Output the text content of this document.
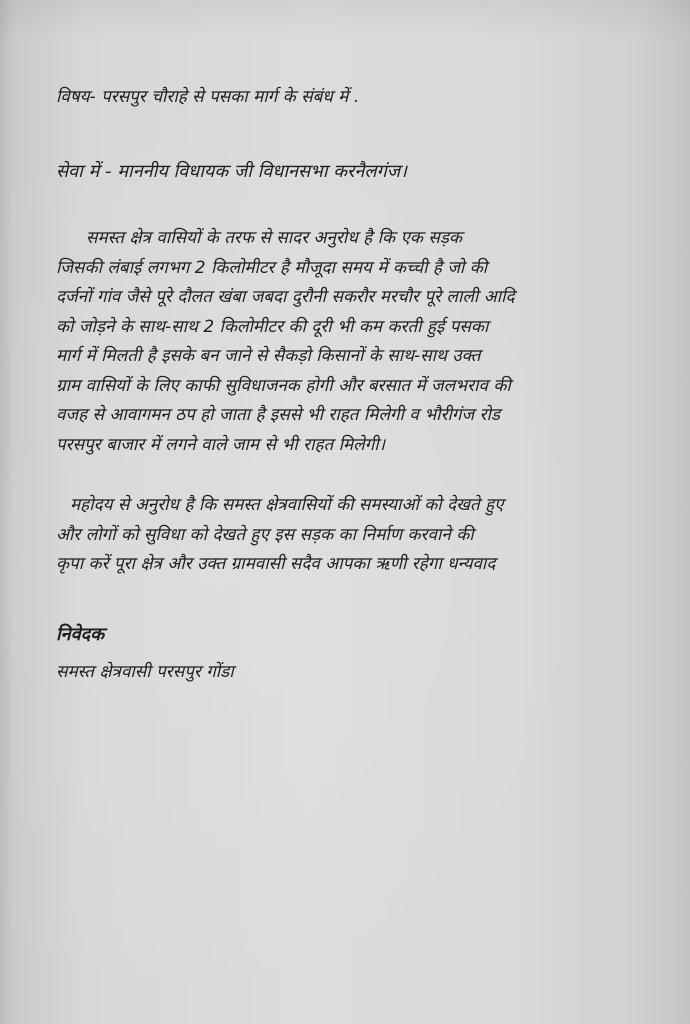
विषय- परसपुर चौराहे से पसका मार्ग के संबंध में .
सेवा में - माननीय विधायक जी विधानसभा करनैलगंज।
समस्त क्षेत्र वासियों के तरफ से सादर अनुरोध है कि एक सड़क
जिसकी लंबाई लगभग 2 किलोमीटर है मौजूदा समय में कच्ची है जो की
दर्जनों गांव जैसे पूरे दौलत खंबा जबदा दुरौनी सकरौर मरचौर पूरे लाली आदि
को जोड़ने के साथ-साथ 2 किलोमीटर की दूरी भी कम करती हुई पसका
मार्ग में मिलती है इसके बन जाने से सैकड़ो किसानों के साथ-साथ उक्त
ग्राम वासियों के लिए काफी सुविधाजनक होगी और बरसात में जलभराव की
वजह से आवागमन ठप हो जाता है इससे भी राहत मिलेगी व भौरीगंज रोड
परसपुर बाजार में लगने वाले जाम से भी राहत मिलेगी।
महोदय से अनुरोध है कि समस्त क्षेत्रवासियों की समस्याओं को देखते हुए
और लोगों को सुविधा को देखते हुए इस सड़क का निर्माण करवाने की
कृपा करें पूरा क्षेत्र और उक्त ग्रामवासी सदैव आपका ऋणी रहेगा धन्यवाद
निवेदक
समस्त क्षेत्रवासी परसपुर गोंडा
